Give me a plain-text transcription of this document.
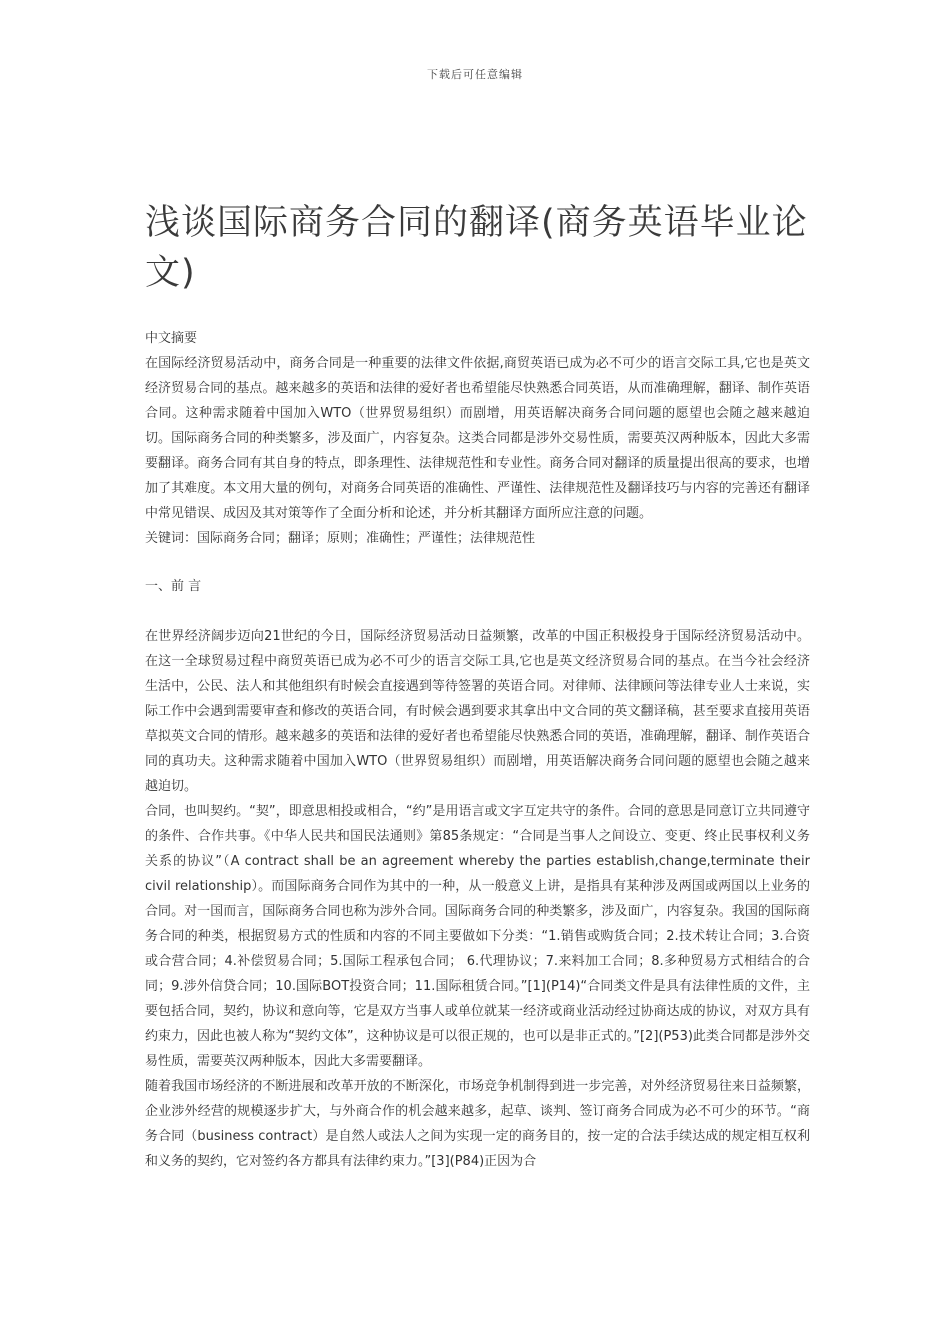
下载后可任意编辑
浅谈国际商务合同的翻译(商务英语毕业论文)

中文摘要

在国际经济贸易活动中，商务合同是一种重要的法律文件依据,商贸英语已成为必不可少的语言交际工具,它也是英文经济贸易合同的基点。越来越多的英语和法律的爱好者也希望能尽快熟悉合同英语，从而准确理解，翻译、制作英语合同。这种需求随着中国加入WTO（世界贸易组织）而剧增，用英语解决商务合同问题的愿望也会随之越来越迫切。国际商务合同的种类繁多，涉及面广，内容复杂。这类合同都是涉外交易性质，需要英汉两种版本，因此大多需要翻译。商务合同有其自身的特点，即条理性、法律规范性和专业性。商务合同对翻译的质量提出很高的要求，也增加了其难度。本文用大量的例句，对商务合同英语的准确性、严谨性、法律规范性及翻译技巧与内容的完善还有翻译中常见错误、成因及其对策等作了全面分析和论述，并分析其翻译方面所应注意的问题。

关键词：国际商务合同；翻译；原则；准确性；严谨性；法律规范性

一、前 言

在世界经济阔步迈向21世纪的今日，国际经济贸易活动日益频繁，改革的中国正积极投身于国际经济贸易活动中。在这一全球贸易过程中商贸英语已成为必不可少的语言交际工具,它也是英文经济贸易合同的基点。在当今社会经济生活中，公民、法人和其他组织有时候会直接遇到等待签署的英语合同。对律师、法律顾问等法律专业人士来说，实际工作中会遇到需要审查和修改的英语合同，有时候会遇到要求其拿出中文合同的英文翻译稿，甚至要求直接用英语草拟英文合同的情形。越来越多的英语和法律的爱好者也希望能尽快熟悉合同的英语，准确理解，翻译、制作英语合同的真功夫。这种需求随着中国加入WTO（世界贸易组织）而剧增，用英语解决商务合同问题的愿望也会随之越来越迫切。

合同，也叫契约。“契”，即意思相投或相合，“约”是用语言或文字互定共守的条件。合同的意思是同意订立共同遵守的条件、合作共事。《中华人民共和国民法通则》第85条规定：“合同是当事人之间设立、变更、终止民事权利义务关系的协议”（A contract shall be an agreement whereby the parties establish,change,terminate their civil relationship）。而国际商务合同作为其中的一种，从一般意义上讲，是指具有某种涉及两国或两国以上业务的合同。对一国而言，国际商务合同也称为涉外合同。国际商务合同的种类繁多，涉及面广，内容复杂。我国的国际商务合同的种类，根据贸易方式的性质和内容的不同主要做如下分类：“1.销售或购货合同；2.技术转让合同；3.合资或合营合同；4.补偿贸易合同；5.国际工程承包合同； 6.代理协议；7.来料加工合同；8.多种贸易方式相结合的合同；9.涉外信贷合同；10.国际BOT投资合同；11.国际租赁合同。”[1](P14)“合同类文件是具有法律性质的文件，主要包括合同，契约，协议和意向等，它是双方当事人或单位就某一经济或商业活动经过协商达成的协议，对双方具有约束力，因此也被人称为“契约文体”，这种协议是可以很正规的，也可以是非正式的。”[2](P53)此类合同都是涉外交易性质，需要英汉两种版本，因此大多需要翻译。

随着我国市场经济的不断进展和改革开放的不断深化，市场竞争机制得到进一步完善，对外经济贸易往来日益频繁，企业涉外经营的规模逐步扩大，与外商合作的机会越来越多，起草、谈判、签订商务合同成为必不可少的环节。“商务合同（business contract）是自然人或法人之间为实现一定的商务目的，按一定的合法手续达成的规定相互权利和义务的契约，它对签约各方都具有法律约束力。”[3](P84)正因为合
